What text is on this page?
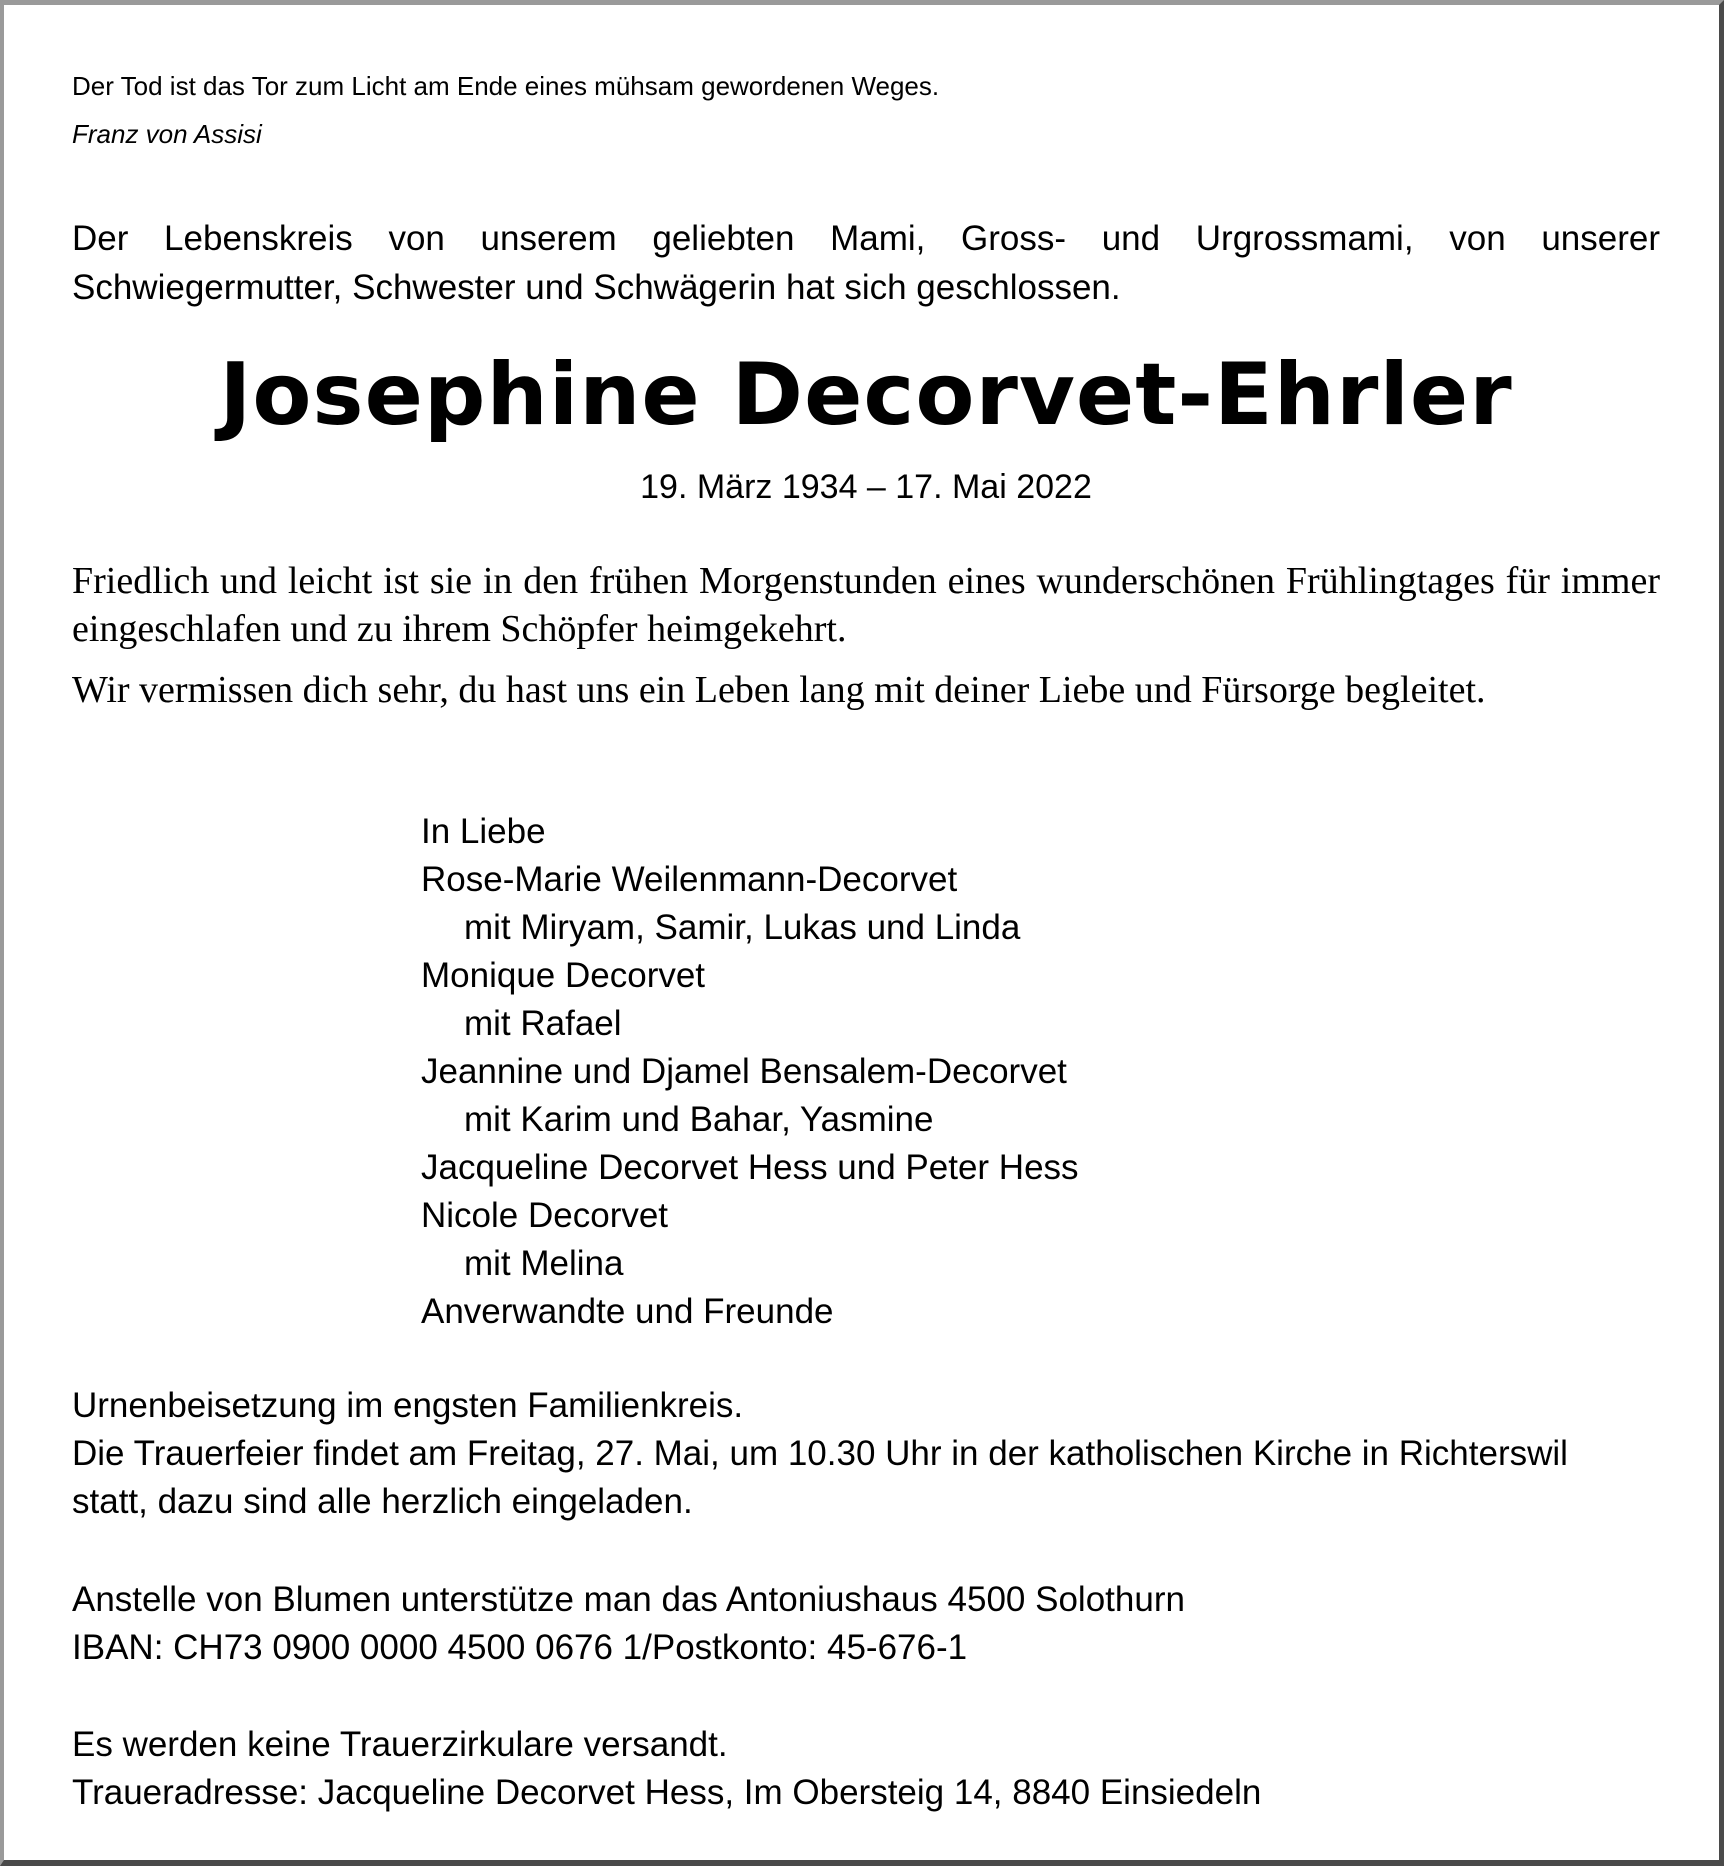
Der Tod ist das Tor zum Licht am Ende eines mühsam gewordenen Weges.

Franz von Assisi

Der Lebenskreis von unserem geliebten Mami, Gross- und Urgrossmami, von unserer Schwiegermutter, Schwester und Schwägerin hat sich geschlossen.

Josephine Decorvet-Ehrler

19. März 1934 – 17. Mai 2022

Friedlich und leicht ist sie in den frühen Morgenstunden eines wunderschönen Frühlingtages für immer eingeschlafen und zu ihrem Schöpfer heimgekehrt.

Wir vermissen dich sehr, du hast uns ein Leben lang mit deiner Liebe und Fürsorge begleitet.

In Liebe
Rose-Marie Weilenmann-Decorvet
mit Miryam, Samir, Lukas und Linda
Monique Decorvet
mit Rafael
Jeannine und Djamel Bensalem-Decorvet
mit Karim und Bahar, Yasmine
Jacqueline Decorvet Hess und Peter Hess
Nicole Decorvet
mit Melina
Anverwandte und Freunde
Urnenbeisetzung im engsten Familienkreis.
Die Trauerfeier findet am Freitag, 27. Mai, um 10.30 Uhr in der katholischen Kirche in Richterswil
statt, dazu sind alle herzlich eingeladen.
Anstelle von Blumen unterstütze man das Antoniushaus 4500 Solothurn
IBAN: CH73 0900 0000 4500 0676 1/Postkonto: 45-676-1
Es werden keine Trauerzirkulare versandt.
Traueradresse: Jacqueline Decorvet Hess, Im Obersteig 14, 8840 Einsiedeln
